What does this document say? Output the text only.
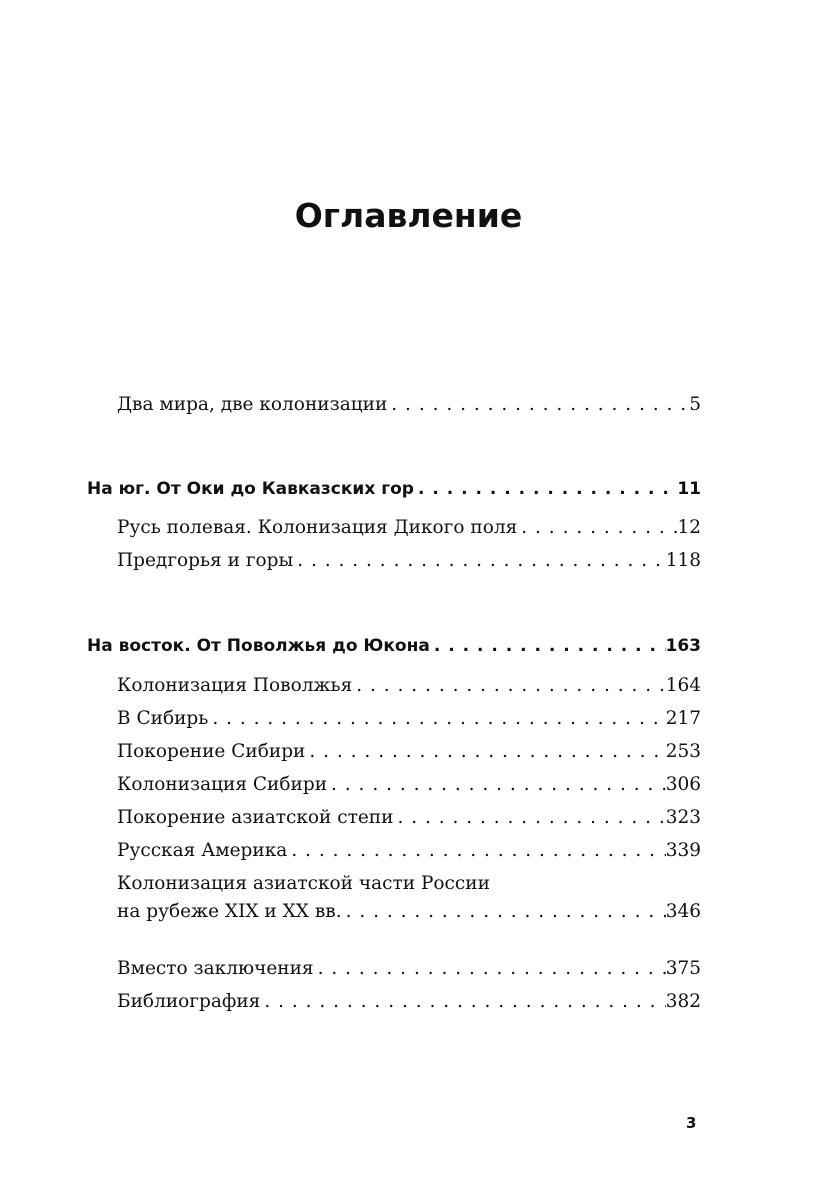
Оглавление
Два мира, две колонизации . . .	5
На юг. От Оки до Кавказских гор . . .	11
Русь полевая. Колонизация Дикого поля . . .	12
Предгорья и горы . . .	118
На восток. От Поволжья до Юкона . . .	163
Колонизация Поволжья . . .	164
В Сибирь . . .	217
Покорение Сибири . . .	253
Колонизация Сибири . . .	306
Покорение азиатской степи . . .	323
Русская Америка . . .	339
Колонизация азиатской части России
на рубеже XIX и XX вв. . . .	346
Вместо заключения . . .	375
Библиография . . .	382
3
